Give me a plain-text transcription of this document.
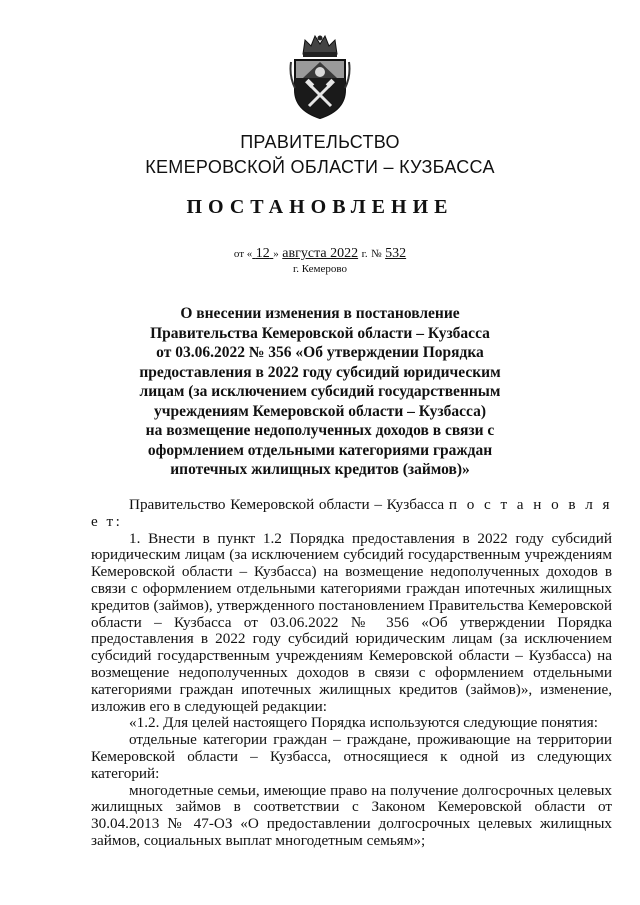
ПРАВИТЕЛЬСТВО
КЕМЕРОВСКОЙ ОБЛАСТИ – КУЗБАССА
ПОСТАНОВЛЕНИЕ
от « 12 » августа 2022 г. № 532
г. Кемерово
О внесении изменения в постановление
Правительства Кемеровской области – Кузбасса
от 03.06.2022 № 356 «Об утверждении Порядка
предоставления в 2022 году субсидий юридическим
лицам (за исключением субсидий государственным
учреждениям Кемеровской области – Кузбасса)
на возмещение недополученных доходов в связи с
оформлением отдельными категориями граждан
ипотечных жилищных кредитов (займов)»

Правительство Кемеровской области – Кузбасса п о с т а н о в л я е т:

1. Внести в пункт 1.2 Порядка предоставления в 2022 году субсидий юридическим лицам (за исключением субсидий государственным учреждениям Кемеровской области – Кузбасса) на возмещение недополученных доходов в связи с оформлением отдельными категориями граждан ипотечных жилищных кредитов (займов), утвержденного постановлением Правительства Кемеровской области – Кузбасса от 03.06.2022 № 356 «Об утверждении Порядка предоставления в 2022 году субсидий юридическим лицам (за исключением субсидий государственным учреждениям Кемеровской области – Кузбасса) на возмещение недополученных доходов в связи с оформлением отдельными категориями граждан ипотечных жилищных кредитов (займов)», изменение, изложив его в следующей редакции:

«1.2. Для целей настоящего Порядка используются следующие понятия:

отдельные категории граждан – граждане, проживающие на территории Кемеровской области – Кузбасса, относящиеся к одной из следующих категорий:

многодетные семьи, имеющие право на получение долгосрочных целевых жилищных займов в соответствии с Законом Кемеровской области от 30.04.2013 № 47-ОЗ «О предоставлении долгосрочных целевых жилищных займов, социальных выплат многодетным семьям»;
